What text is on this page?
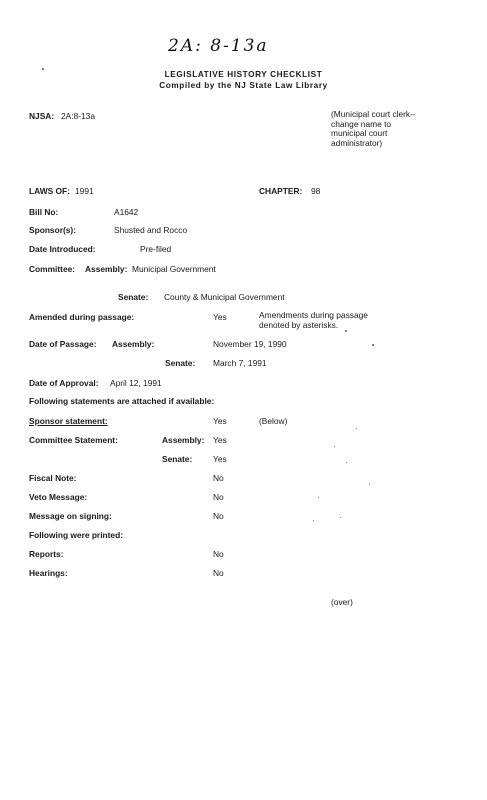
2A: 8-13a
LEGISLATIVE HISTORY CHECKLIST
Compiled by the NJ State Law Library
NJSA: 2A:8-13a	(Municipal court clerk--change name to municipal court administrator)
LAWS OF: 1991	CHAPTER: 98
Bill No:	A1642
Sponsor(s):	Shusted and Rocco
Date Introduced:	Pre-filed
Committee: Assembly: Municipal Government
Senate: County & Municipal Government
Amended during passage:	Yes	Amendments during passage denoted by asterisks.
Date of Passage: Assembly:	November 19, 1990
Senate: March 7, 1991
Date of Approval: April 12, 1991
Following statements are attached if available:
Sponsor statement:	Yes	(Below)
Committee Statement:	Assembly: Yes
Senate: Yes
Fiscal Note:	No
Veto Message:	No
Message on signing:	No
Following were printed:
Reports:	No
Hearings:	No
(over)
